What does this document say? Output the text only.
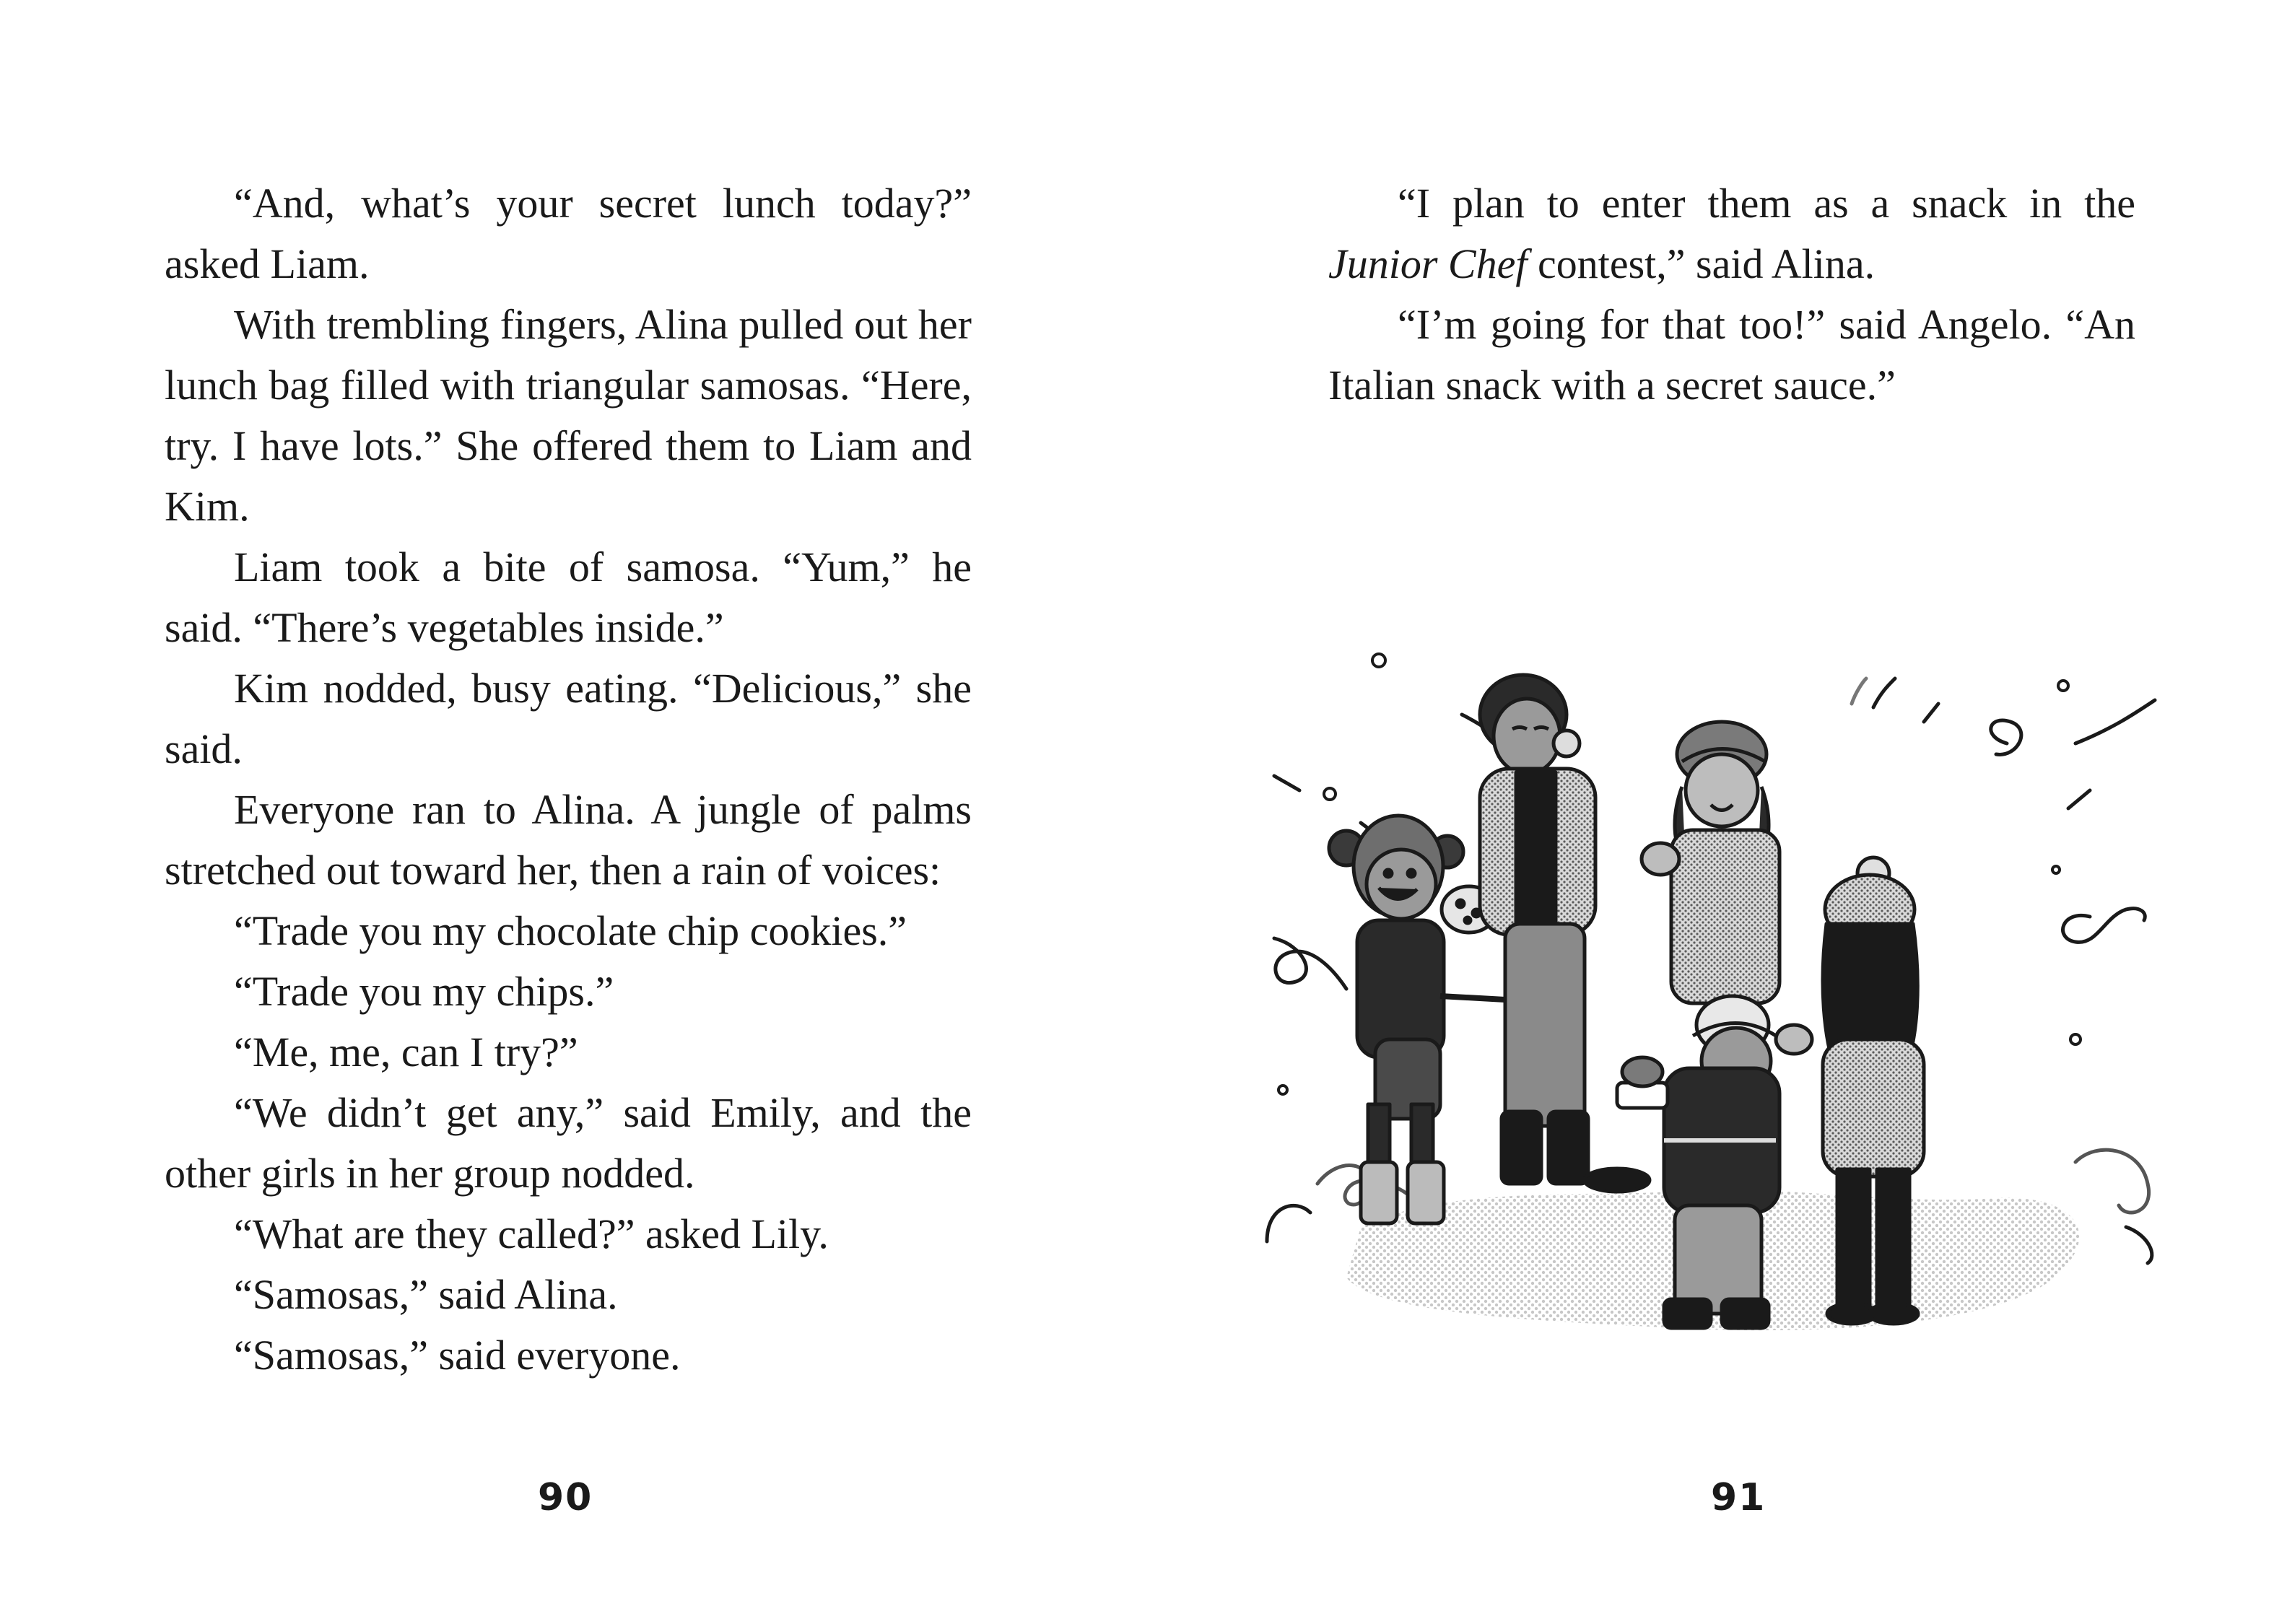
“And, what’s your secret lunch today?” asked Liam.

With trembling fingers, Alina pulled out her lunch bag filled with triangular samosas. “Here, try. I have lots.” She offered them to Liam and Kim.

Liam took a bite of samosa. “Yum,” he said. “There’s vegetables inside.”

Kim nodded, busy eating. “Delicious,” she said.

Everyone ran to Alina. A jungle of palms stretched out toward her, then a rain of voices:

“Trade you my chocolate chip cookies.”

“Trade you my chips.”

“Me, me, can I try?”

“We didn’t get any,” said Emily, and the other girls in her group nodded.

“What are they called?” asked Lily.

“Samosas,” said Alina.

“Samosas,” said everyone.

90

“I plan to enter them as a snack in the Junior Chef contest,” said Alina.

“I’m going for that too!” said Angelo. “An Italian snack with a secret sauce.”

91
